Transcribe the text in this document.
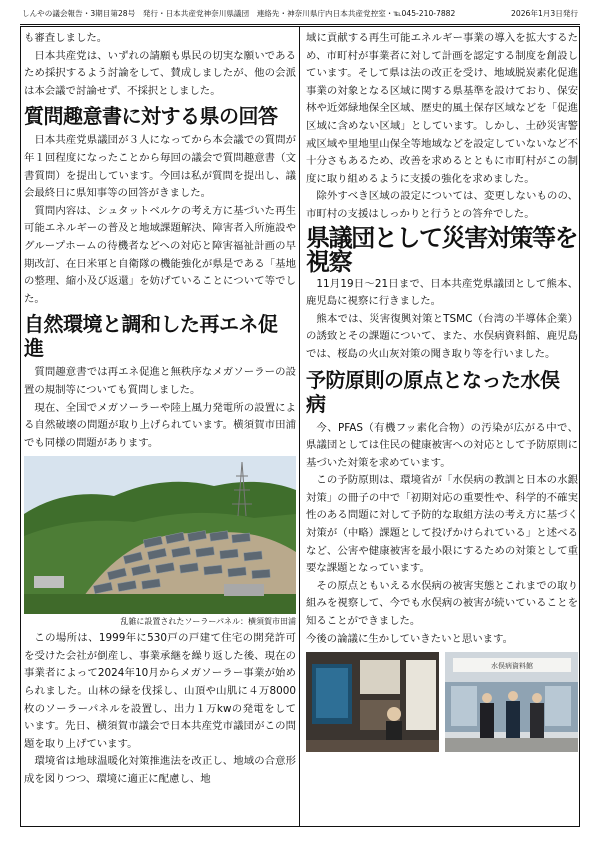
しんやの議会報告・3期目第28号　発行・日本共産党神奈川県議団　連絡先・神奈川県庁内日本共産党控室・℡045-210-7882	2026年1月3日発行

も審査しました。

日本共産党は、いずれの請願も県民の切実な願いであるため採択するよう討論をして、賛成しましたが、他の会派は本会議で討論せず、不採択としました。

質問趣意書に対する県の回答

日本共産党県議団が３人になってから本会議での質問が年１回程度になったことから毎回の議会で質問趣意書（文書質問）を提出しています。今回は私が質問を提出し、議会最終日に県知事等の回答がきました。

質問内容は、シュタットベルケの考え方に基づいた再生可能エネルギーの普及と地域課題解決、障害者入所施設やグループホームの待機者などへの対応と障害福祉計画の早期改訂、在日米軍と自衛隊の機能強化が県是である「基地の整理、縮小及び返還」を妨げていることについて等でした。

自然環境と調和した再エネ促進

質問趣意書では再エネ促進と無秩序なメガソーラーの設置の規制等についても質問しました。

現在、全国でメガソーラーや陸上風力発電所の設置による自然破壊の問題が取り上げられています。横須賀市田浦でも同様の問題があります。

乱雑に設置されたソーラーパネル：横須賀市田浦

この場所は、1999年に530戸の戸建て住宅の開発許可を受けた会社が倒産し、事業承継を繰り返した後、現在の事業者によって2024年10月からメガソーラー事業が始められました。山林の緑を伐採し、山頂や山肌に４万8000枚のソーラーパネルを設置し、出力１万kwの発電をしています。先日、横須賀市議会で日本共産党市議団がこの問題を取り上げています。

環境省は地球温暖化対策推進法を改正し、地域の合意形成を図りつつ、環境に適正に配慮し、地

域に貢献する再生可能エネルギー事業の導入を拡大するため、市町村が事業者に対して計画を認定する制度を創設しています。そして県は法の改正を受け、地域脱炭素化促進事業の対象となる区域に関する県基準を設けており、保安林や近郊緑地保全区域、歴史的風土保存区域などを「促進区域に含めない区域」としています。しかし、土砂災害警戒区域や里地里山保全等地域などを設定していないなど不十分さもあるため、改善を求めるとともに市町村がこの制度に取り組めるように支援の強化を求めました。

除外すべき区域の設定については、変更しないものの、市町村の支援はしっかりと行うとの答弁でした。

県議団として災害対策等を視察

11月19日～21日まで、日本共産党県議団として熊本、鹿児島に視察に行きました。

熊本では、災害復興対策とTSMC（台湾の半導体企業）の誘致とその課題について、また、水俣病資料館、鹿児島では、桜島の火山灰対策の聞き取り等を行いました。

予防原則の原点となった水俣病

今、PFAS（有機フッ素化合物）の汚染が広がる中で、県議団としては住民の健康被害への対応として予防原則に基づいた対策を求めています。

この予防原則は、環境省が「水俣病の教訓と日本の水銀対策」の冊子の中で「初期対応の重要性や、科学的不確実性のある問題に対して予防的な取組方法の考え方に基づく対策が（中略）課題として投げかけられている」と述べるなど、公害や健康被害を最小限にするための対策として重要な課題となっています。

その原点ともいえる水俣病の被害実態とこれまでの取り組みを視察して、今でも水俣病の被害が続いていることを知ることができました。

今後の論議に生かしていきたいと思います。

水俣病資料館
